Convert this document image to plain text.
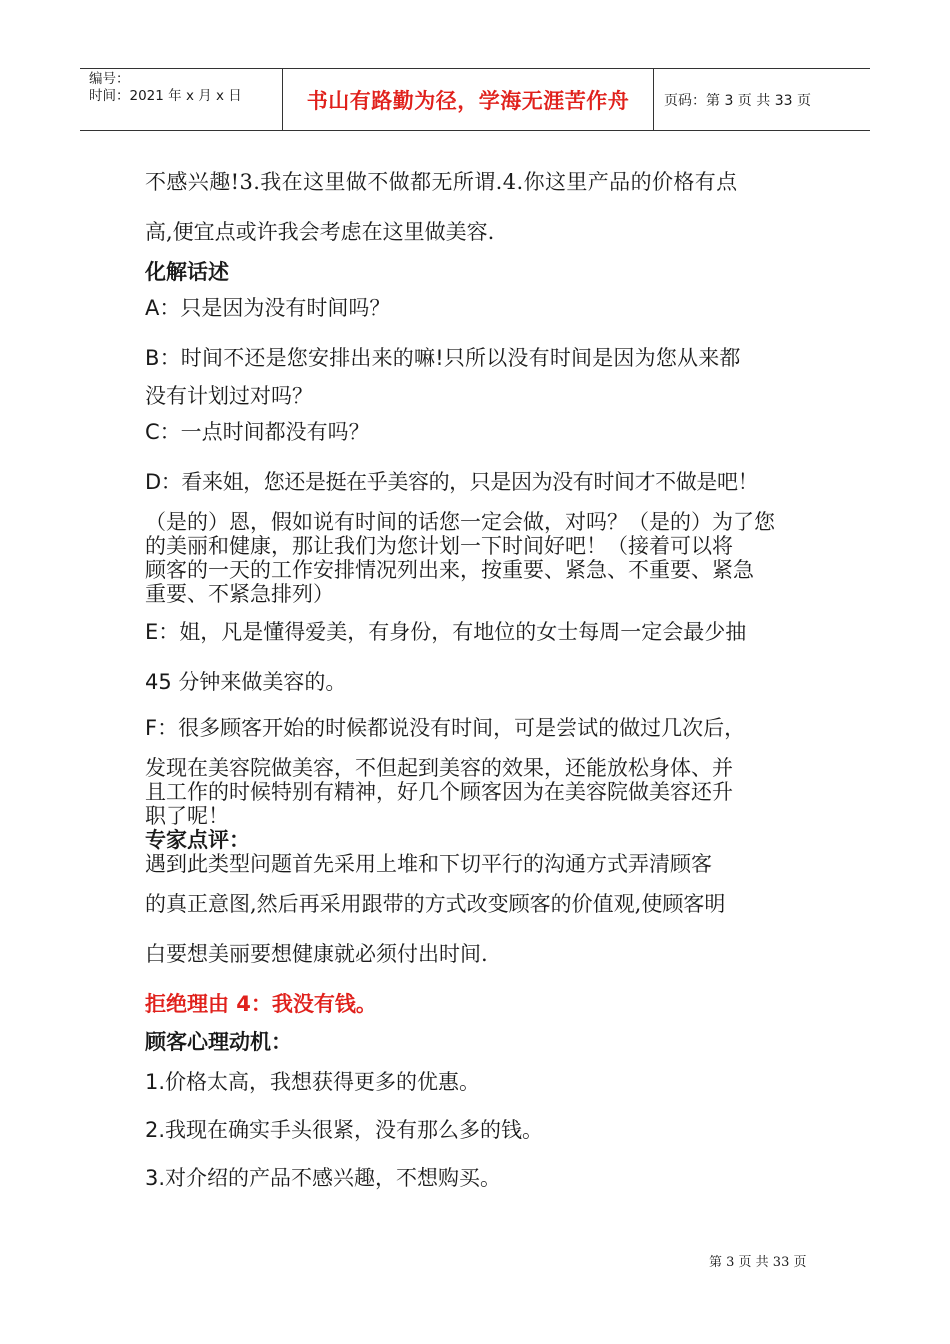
编号：
时间：2021 年 x 月 x 日	书山有路勤为径，学海无涯苦作舟	页码：第 3 页 共 33 页
不感兴趣!3.我在这里做不做都无所谓.4.你这里产品的价格有点
高,便宜点或许我会考虑在这里做美容.
化解话述
A：只是因为没有时间吗？
B：时间不还是您安排出来的嘛!只所以没有时间是因为您从来都
没有计划过对吗？
C：一点时间都没有吗？
D：看来姐，您还是挺在乎美容的，只是因为没有时间才不做是吧！
（是的）恩，假如说有时间的话您一定会做，对吗？（是的）为了您
的美丽和健康，那让我们为您计划一下时间好吧！（接着可以将
顾客的一天的工作安排情况列出来，按重要、紧急、不重要、紧急
重要、不紧急排列）
E：姐，凡是懂得爱美，有身份，有地位的女士每周一定会最少抽
45 分钟来做美容的。
F：很多顾客开始的时候都说没有时间，可是尝试的做过几次后，
发现在美容院做美容，不但起到美容的效果，还能放松身体、并
且工作的时候特别有精神，好几个顾客因为在美容院做美容还升
职了呢！
专家点评：
遇到此类型问题首先采用上堆和下切平行的沟通方式弄清顾客
的真正意图,然后再采用跟带的方式改变顾客的价值观,使顾客明
白要想美丽要想健康就必须付出时间.
拒绝理由 4：我没有钱。
顾客心理动机：
1.价格太高，我想获得更多的优惠。
2.我现在确实手头很紧，没有那么多的钱。
3.对介绍的产品不感兴趣，不想购买。
第 3 页 共 33 页
